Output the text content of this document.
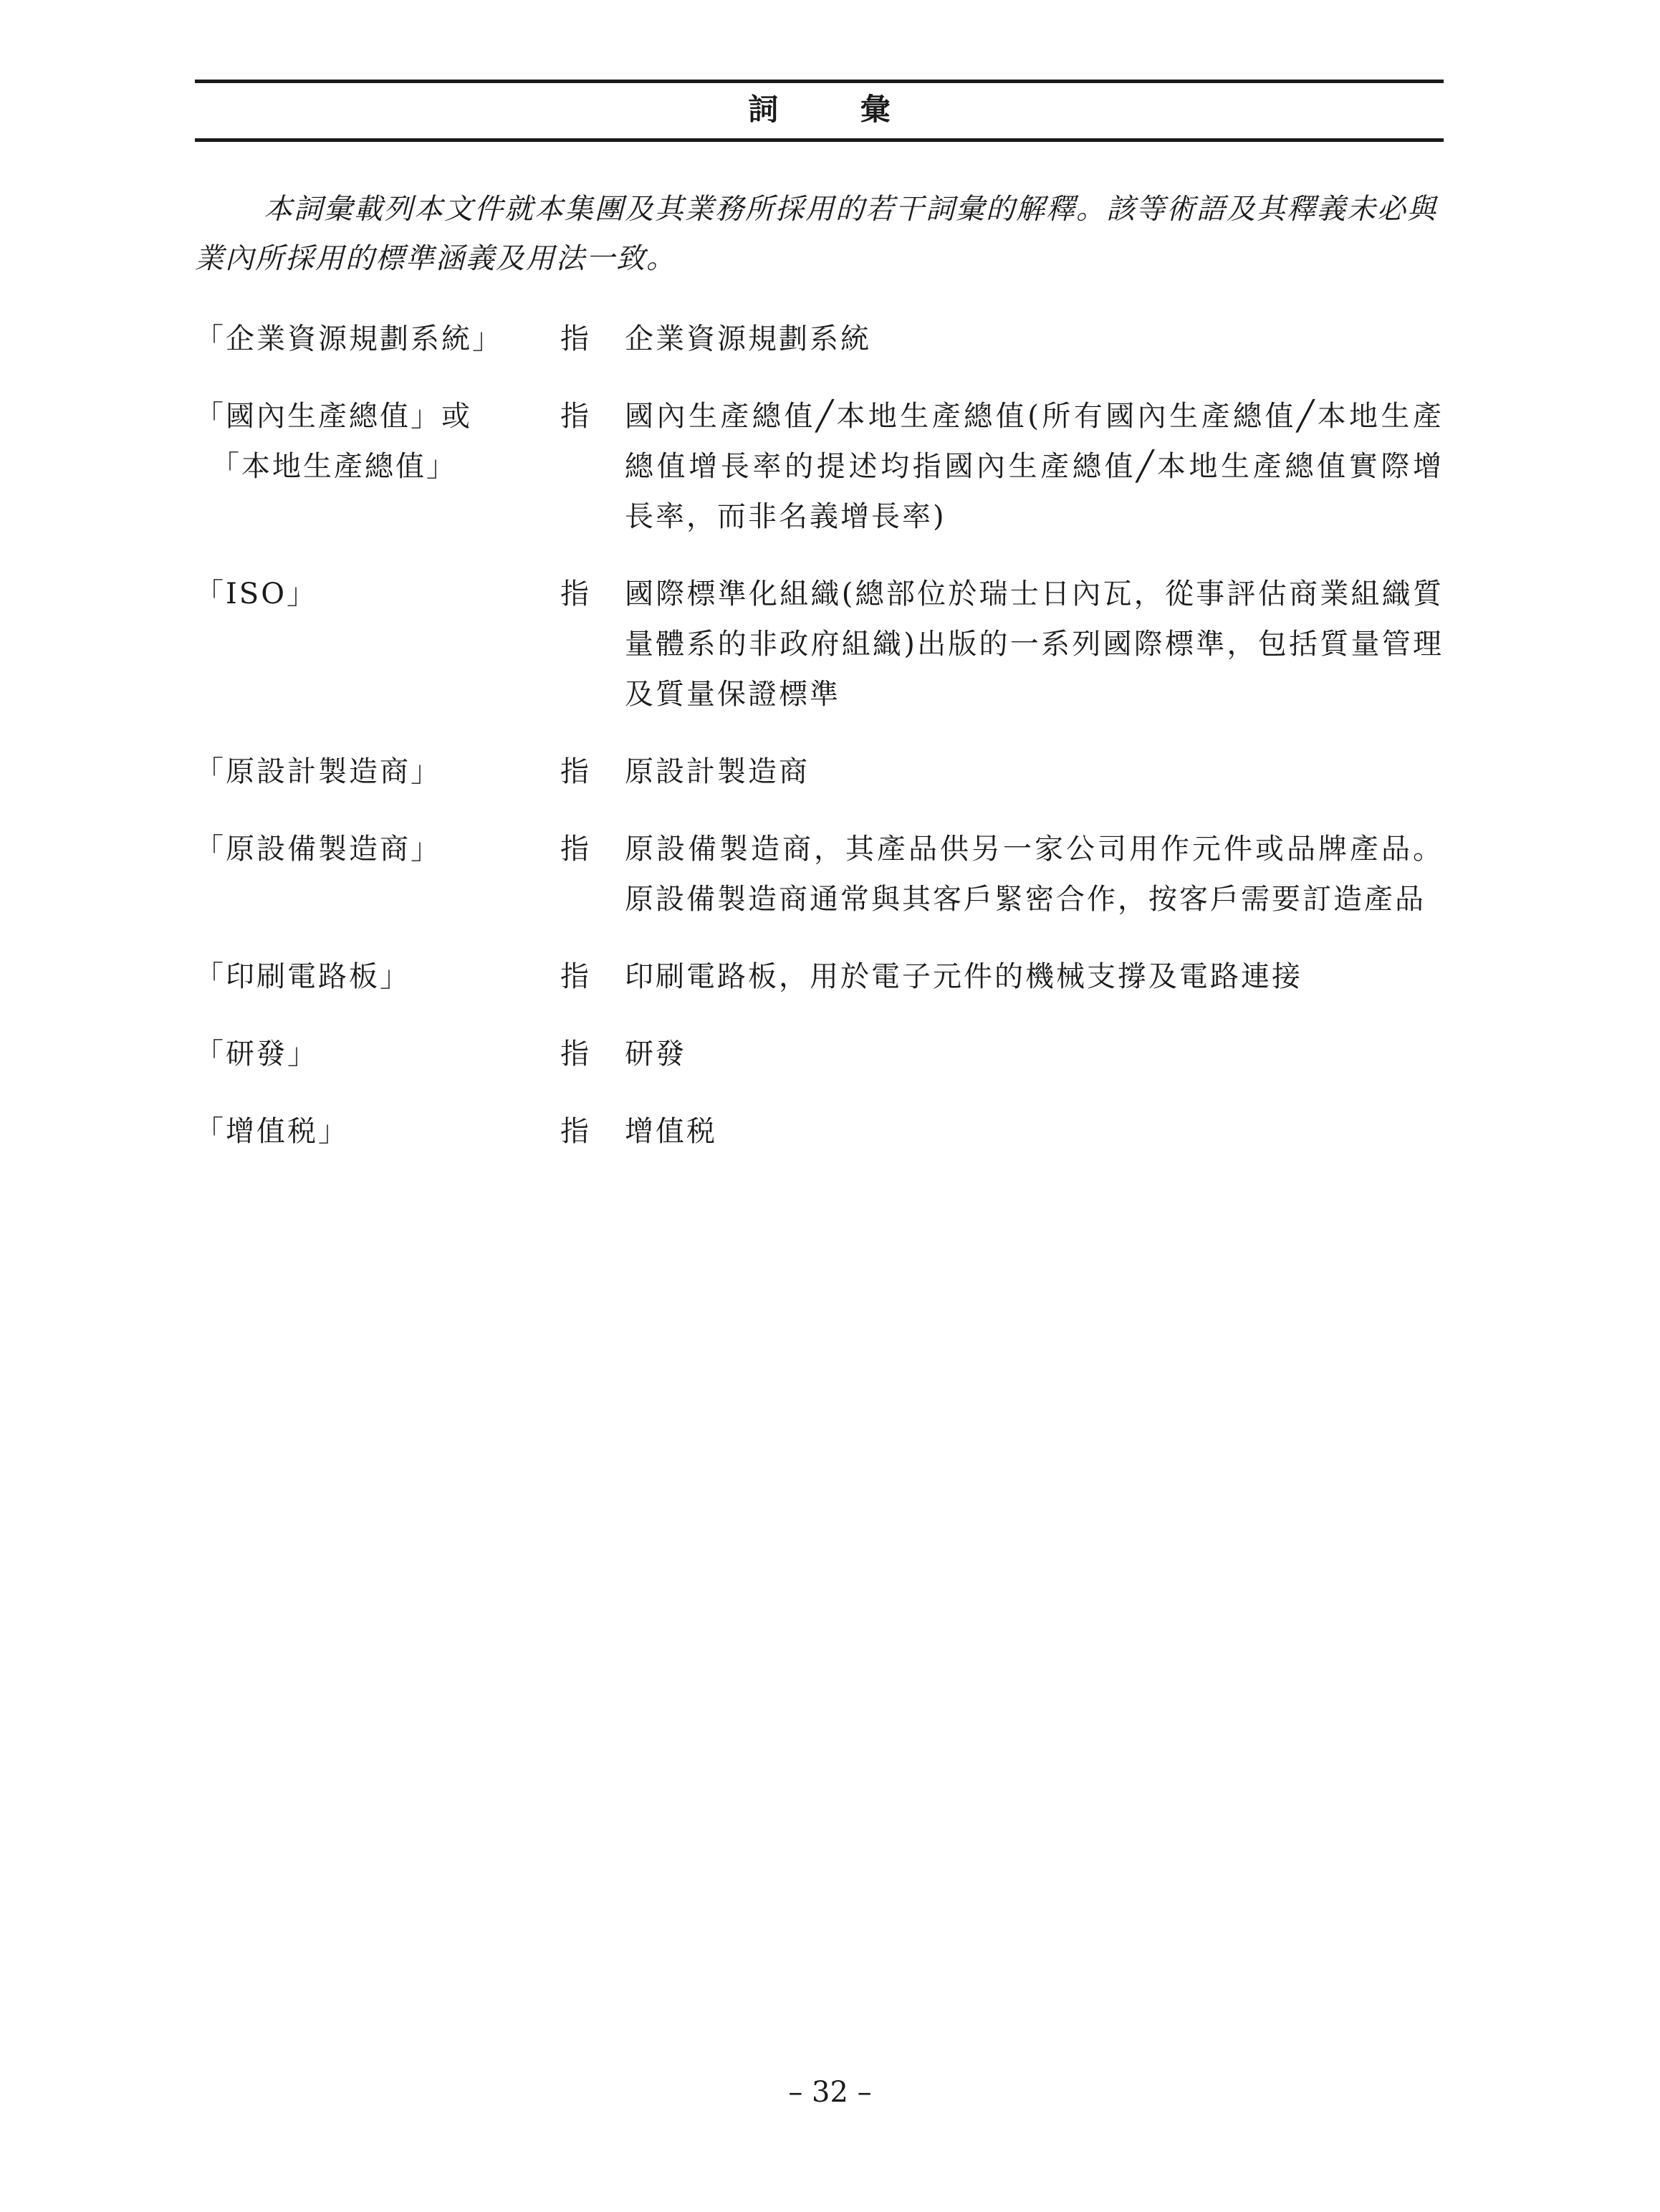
詞 彙
本詞彙載列本文件就本集團及其業務所採用的若干詞彙的解釋。該等術語及其釋義未必與業內所採用的標準涵義及用法一致。
「企業資源規劃系統」	指	企業資源規劃系統
「國內生產總值」或
「本地生產總值」
指	國內生產總值╱本地生產總值(所有國內生產總值╱本地生產總值增長率的提述均指國內生產總值╱本地生產總值實際增長率，而非名義增長率)
「ISO」	指	國際標準化組織(總部位於瑞士日內瓦，從事評估商業組織質量體系的非政府組織)出版的一系列國際標準，包括質量管理及質量保證標準
「原設計製造商」	指	原設計製造商
「原設備製造商」	指	原設備製造商，其產品供另一家公司用作元件或品牌產品。原設備製造商通常與其客戶緊密合作，按客戶需要訂造產品
「印刷電路板」	指	印刷電路板，用於電子元件的機械支撐及電路連接
「研發」	指	研發
「增值税」	指	增值税
– 32 –
